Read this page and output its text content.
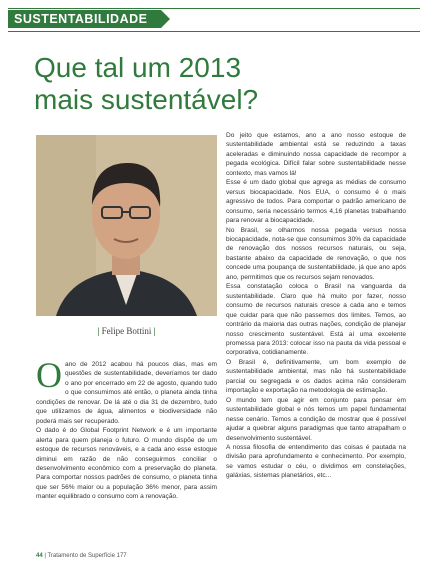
SUSTENTABILIDADE
Que tal um 2013
mais sustentável?
| Felipe Bottini |

O ano de 2012 acabou há poucos dias, mas em questões de sustentabilidade, deveríamos ter dado o ano por encerrado em 22 de agosto, quando tudo o que consumimos até então, o planeta ainda tinha condições de renovar. De lá até o dia 31 de dezembro, tudo que utilizamos de água, alimentos e biodiversidade não poderá mais ser recuperado.

O dado é do Global Footprint Network e é um importante alerta para quem planeja o futuro. O mundo dispõe de um estoque de recursos renováveis, e a cada ano esse estoque diminui em razão de não conseguirmos conciliar o desenvolvimento econômico com a preservação do planeta. Para comportar nossos padrões de consumo, o planeta tinha que ser 56% maior ou a população 36% menor, para assim manter equilibrado o consumo com a renovação.

Do jeito que estamos, ano a ano nosso estoque de sustentabilidade ambiental está se reduzindo a taxas aceleradas e diminuindo nossa capacidade de recompor a pegada ecológica. Difícil falar sobre sustentabilidade nesse contexto, mas vamos lá!

Esse é um dado global que agrega as médias de consumo versus biocapacidade. Nos EUA, o consumo é o mais agressivo de todos. Para comportar o padrão americano de consumo, seria necessário termos 4,16 planetas trabalhando para renovar a biocapacidade.

No Brasil, se olharmos nossa pegada versus nossa biocapacidade, nota-se que consumimos 30% da capacidade de renovação dos nossos recursos naturais, ou seja, bastante abaixo da capacidade de renovação, o que nos concede uma poupança de sustentabilidade, já que ano após ano, permitimos que os recursos sejam renovados.

Essa constatação coloca o Brasil na vanguarda da sustentabilidade. Claro que há muito por fazer, nosso consumo de recursos naturais cresce a cada ano e temos que cuidar para que não passemos dos limites. Temos, ao contrário da maioria das outras nações, condição de planejar nosso crescimento sustentável. Está aí uma excelente promessa para 2013: colocar isso na pauta da vida pessoal e corporativa, cotidianamente.

O Brasil é, definitivamente, um bom exemplo de sustentabilidade ambiental, mas não há sustentabilidade parcial ou segregada e os dados acima não consideram importação e exportação na metodologia de estimação.

O mundo tem que agir em conjunto para pensar em sustentabilidade global e nós temos um papel fundamental nesse cenário. Temos a condição de mostrar que é possível ajudar a quebrar alguns paradigmas que tanto atrapalham o desenvolvimento sustentável.

A nossa filosofia de entendimento das coisas é pautada na divisão para aprofundamento e conhecimento. Por exemplo, se vamos estudar o céu, o dividimos em constelações, galáxias, sistemas planetários, etc...

44 | Tratamento de Superfície 177
